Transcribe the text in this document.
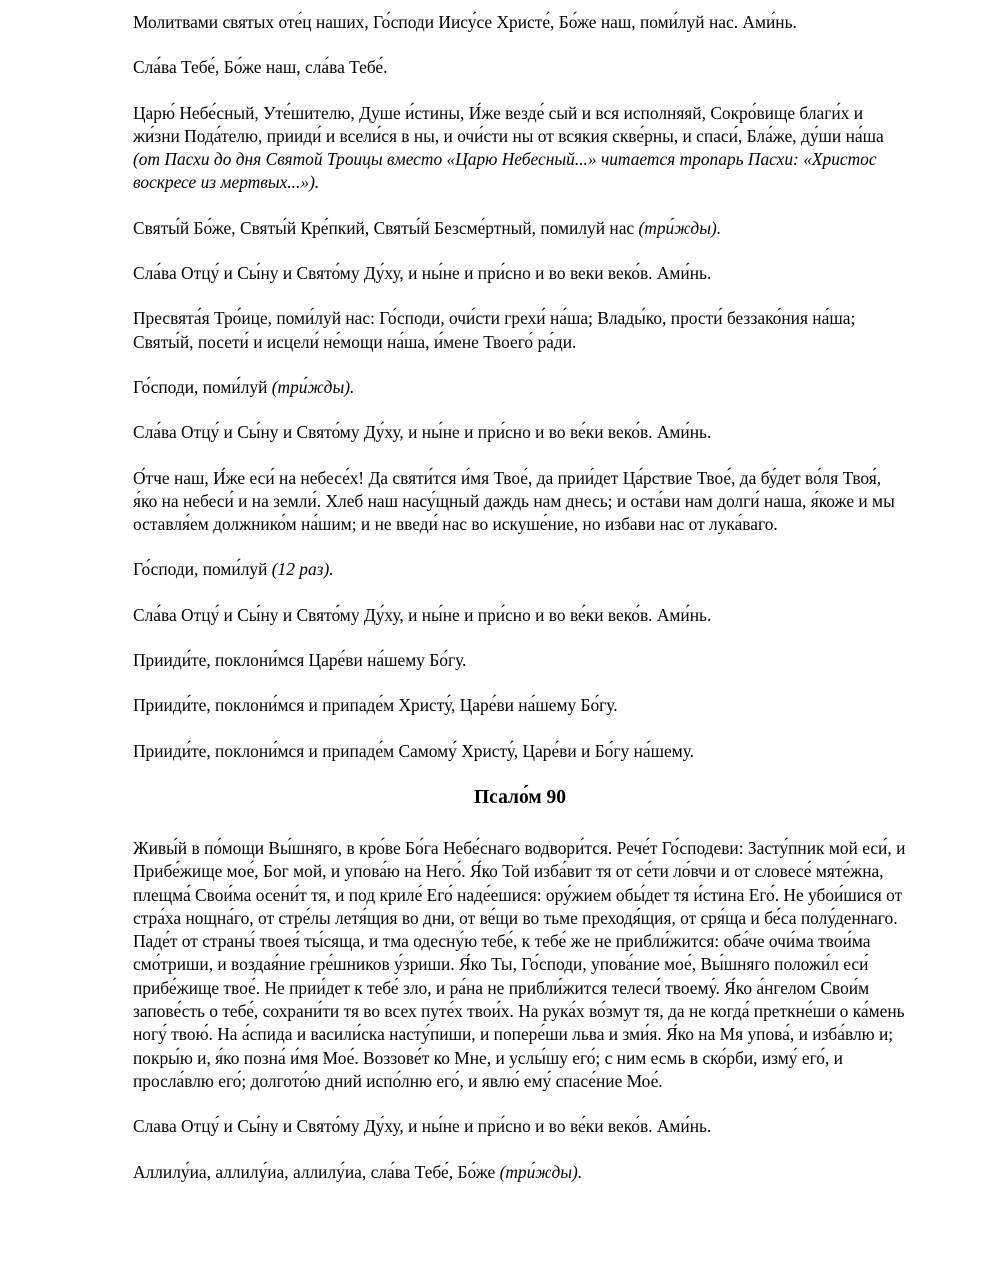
Молитвами святых оте́ц наших, Го́споди Иису́се Христе́, Бо́же наш, поми́луй нас. Ами́нь.

Сла́ва Тебе́, Бо́же наш, сла́ва Тебе́.

Царю́ Небе́сный, Уте́шителю, Душе и́стины, И́же везде́ сый и вся исполняяй, Сокро́вище благи́х и жи́зни Пода́телю, прииди́ и всели́ся в ны, и очи́сти ны от всякия скве́рны, и спаси́, Бла́же, ду́ши на́ша (от Пасхи до дня Святой Троицы вместо «Царю Небесный...» читается тропарь Пасхи: «Христос воскресе из мертвых...»).

Святы́й Бо́же, Святы́й Кре́пкий, Святы́й Безсме́ртный, помилуй нас (три́жды).

Сла́ва Отцу́ и Сы́ну и Свято́му Ду́ху, и ны́не и при́сно и во веки веко́в. Ами́нь.

Пресвята́я Тро́ице, поми́луй нас: Го́споди, очи́сти грехи́ на́ша; Влады́ко, прости́ беззако́ния на́ша; Святы́й, посети́ и исцели́ не́мощи на́ша, и́мене Твоего́ ра́ди.

Го́споди, поми́луй (три́жды).

Сла́ва Отцу́ и Сы́ну и Свято́му Ду́ху, и ны́не и при́сно и во ве́ки веко́в. Ами́нь.

О́тче наш, И́же еси́ на небесе́х! Да святи́тся и́мя Твое́, да прии́дет Ца́рствие Твое́, да бу́дет во́ля Твоя́, я́ко на небеси́ и на земли́. Хлеб наш насу́щный даждь нам днесь; и оста́ви нам долги́ наша, я́коже и мы оставля́ем должнико́м на́шим; и не введи́ нас во искуше́ние, но избави нас от лука́ваго.

Го́споди, поми́луй (12 раз).

Сла́ва Отцу́ и Сы́ну и Свято́му Ду́ху, и ны́не и при́сно и во ве́ки веко́в. Ами́нь.

Прииди́те, поклони́мся Царе́ви на́шему Бо́гу.

Прииди́те, поклони́мся и припаде́м Христу́, Царе́ви на́шему Бо́гу.

Прииди́те, поклони́мся и припаде́м Самому́ Христу́, Царе́ви и Бо́гу на́шему.

Псало́м 90

Живы́й в по́мощи Вы́шняго, в кро́ве Бо́га Небе́снаго водвори́тся. Рече́т Го́сподеви: Засту́пник мой еси́, и Прибе́жище мое́, Бог мой, и упова́ю на Него́. Я́ко Той изба́вит тя от се́ти ло́вчи и от словесе́ мяте́жна, плещма́ Свои́ма осени́т тя, и под криле́ Его́ наде́ешися: ору́жием обы́дет тя и́стина Его́. Не убои́шися от стра́ха нощна́го, от стре́лы летя́щия во дни, от ве́щи во тьме преходя́щия, от сря́ща и бе́са полу́деннаго. Паде́т от страны́ твоея́ ты́сяща, и тма одесну́ю тебе́, к тебе́ же не прибли́жится: оба́че очи́ма твои́ма смо́триши, и воздая́ние гре́шников у́зриши. Я́ко Ты, Го́споди, упова́ние мое́, Вы́шняго положи́л еси́ прибе́жище твое́. Не прии́дет к тебе́ зло, и ра́на не прибли́жится телеси́ твоему́. Я́ко а́нгелом Свои́м запове́сть о тебе́, сохрани́ти тя во всех путе́х твои́х. На рука́х во́змут тя, да не когда́ преткне́ши о ка́мень ногу́ твою́. На а́спида и васили́ска насту́пиши, и попере́ши льва и зми́я. Я́ко на Мя упова́, и изба́влю и; покры́ю и, я́ко позна́ и́мя Мое́. Воззове́т ко Мне, и услы́шу его́; с ним есмь в ско́рби, изму́ его́, и просла́влю его́; долгото́ю дний испо́лню его́, и явлю́ ему́ спасе́ние Мое́.

Слава Отцу́ и Сы́ну и Свято́му Ду́ху, и ны́не и при́сно и во ве́ки веко́в. Ами́нь.

Аллилу́иа, аллилу́иа, аллилу́иа, сла́ва Тебе́, Бо́же (три́жды).
